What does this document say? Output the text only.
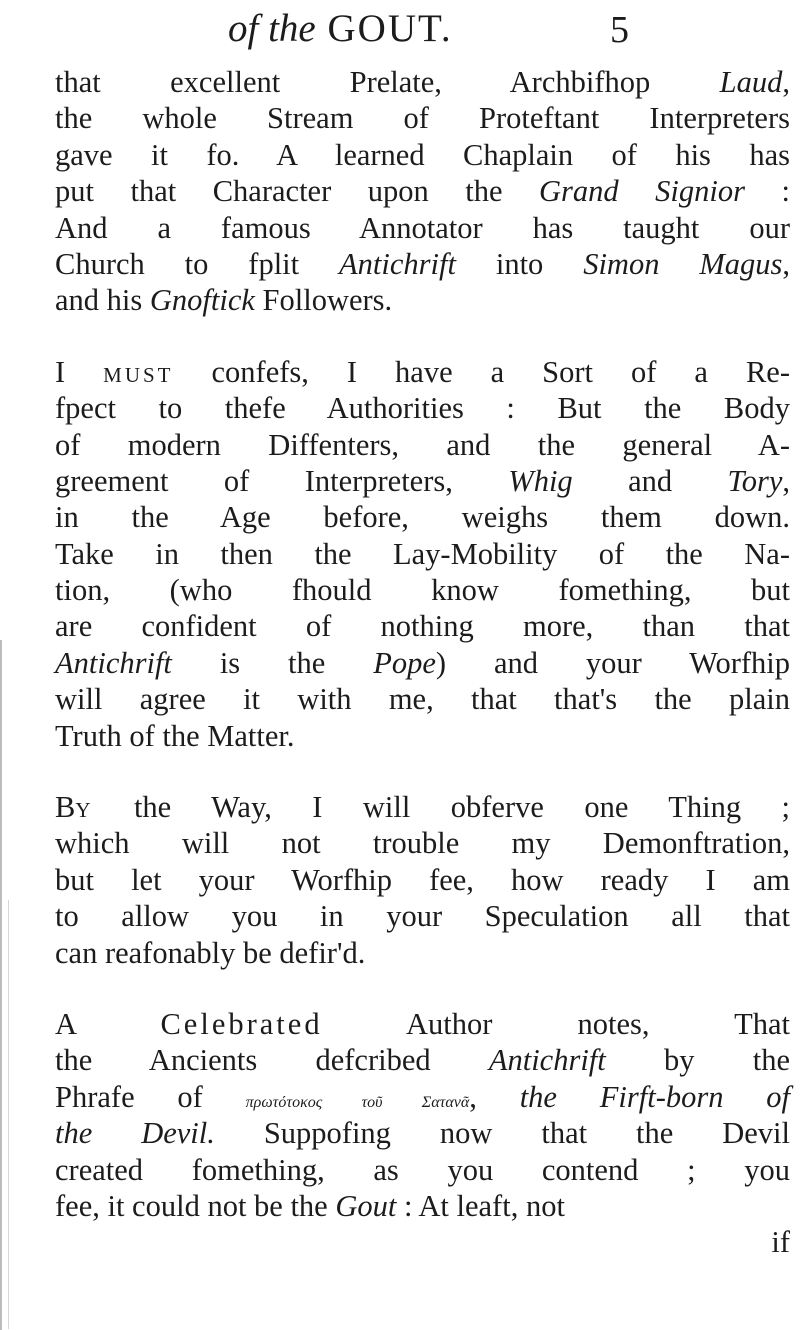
of the GOUT.	5
that excellent Prelate, Archbifhop Laud,
the whole Stream of Proteftant Interpreters
gave it fo. A learned Chaplain of his has
put that Character upon the Grand Signior :
And a famous Annotator has taught our
Church to fplit Antichrift into Simon Magus,
and his Gnoftick Followers.
I MUST confefs, I have a Sort of a Re-
fpect to thefe Authorities : But the Body
of modern Diffenters, and the general A-
greement of Interpreters, Whig and Tory,
in the Age before, weighs them down.
Take in then the Lay-Mobility of the Na-
tion, (who fhould know fomething, but
are confident of nothing more, than that
Antichrift is the Pope) and your Worfhip
will agree it with me, that that's the plain
Truth of the Matter.
BY the Way, I will obferve one Thing ;
which will not trouble my Demonftration,
but let your Worfhip fee, how ready I am
to allow you in your Speculation all that
can reafonably be defir'd.
A Celebrated Author notes, That
the Ancients defcribed Antichrift by the
Phrafe of πρωτότοκος τοῦ Σατανᾶ, the Firft-born of
the Devil. Suppofing now that the Devil
created fomething, as you contend ; you
fee, it could not be the Gout : At leaft, not
if
